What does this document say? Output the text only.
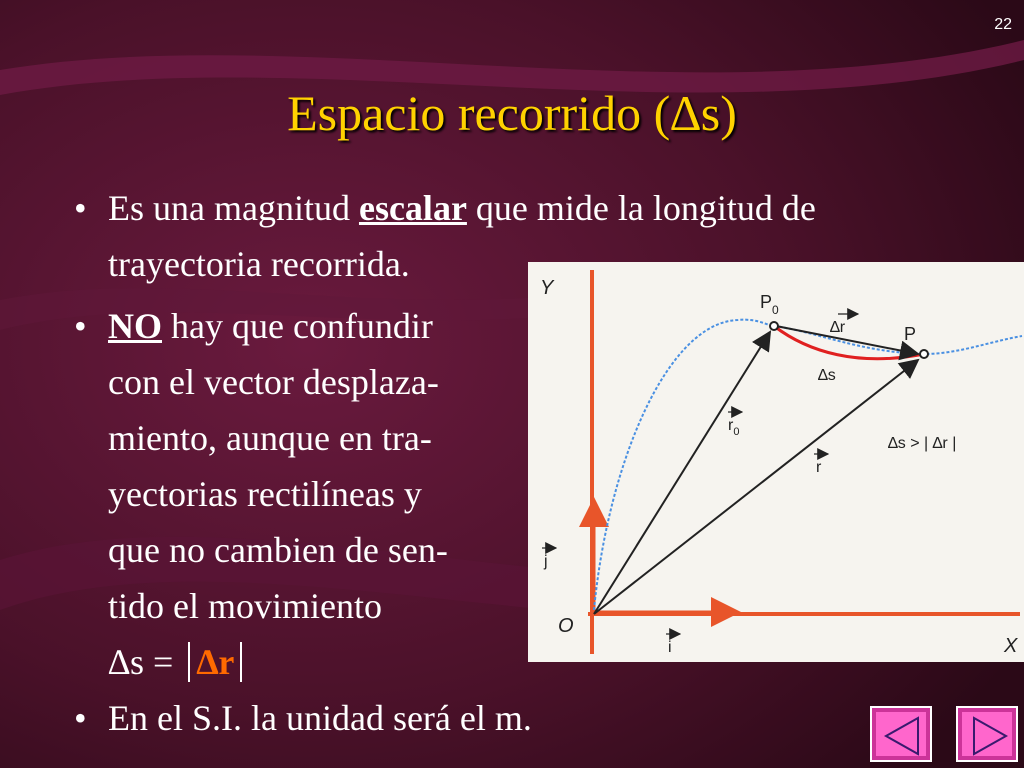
22
Espacio recorrido (∆s)
• Es una magnitud escalar que mide la longitud de
trayectoria recorrida.
• NO hay que confundir
con el vector desplaza-
miento, aunque en tra-
yectorias rectilíneas y
que no cambien de sen-
tido el movimiento
∆s = ∆r
• En el S.I. la unidad será el m.
Y
X
O
$P_0$
P
∆r
∆s
$r_0$
r
i
j
∆s > | ∆r |
